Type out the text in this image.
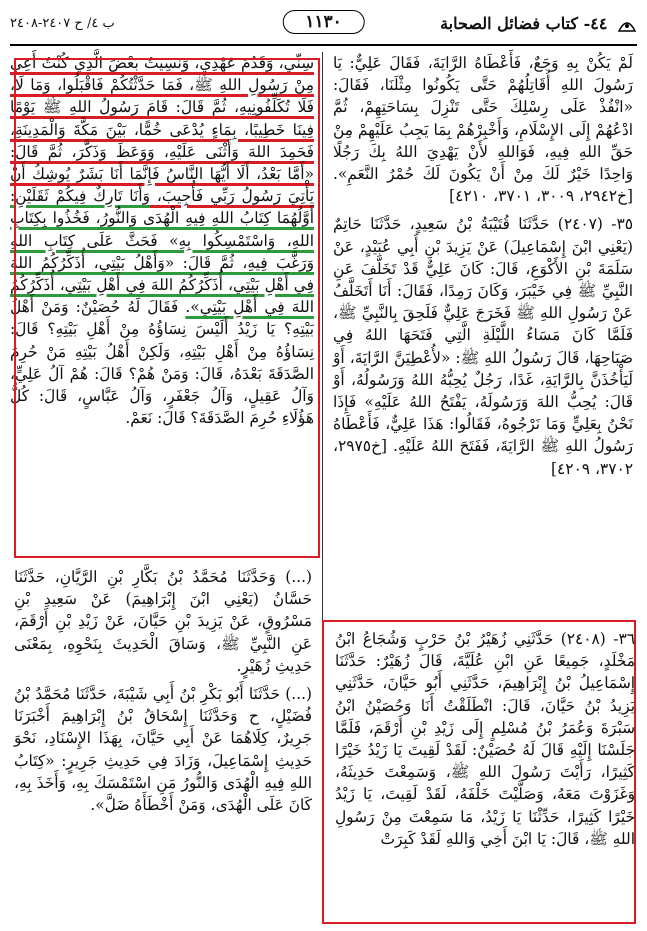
٤٤- كتاب فضائل الصحابة
١١٣٠
ب ٤/ ح ٢٤٠٧-٢٤٠٨

لَمْ يَكُنْ بِهِ وَجَعٌ، فَأَعْطَاهُ الرَّايَةَ، فَقَالَ عَلِيٌّ: يَا رَسُولَ اللهِ أُقَاتِلُهُمْ حَتَّى يَكُونُوا مِثْلَنَا، فَقَالَ: «انْفُذْ عَلَى رِسْلِكَ حَتَّى تَنْزِلَ بِسَاحَتِهِمْ، ثُمَّ ادْعُهُمْ إِلَى الإِسْلَامِ، وَأَخْبِرْهُمْ بِمَا يَجِبُ عَلَيْهِمْ مِنْ حَقِّ اللهِ فِيهِ، فَوَاللهِ لأَنْ يَهْدِيَ اللهُ بِكَ رَجُلًا وَاحِدًا خَيْرٌ لَكَ مِنْ أَنْ يَكُونَ لَكَ حُمْرُ النَّعَمِ». [خ٢٩٤٢، ٣٠٠٩، ٣٧٠١، ٤٢١٠]

٣٥- (٢٤٠٧) حَدَّثَنَا قُتَيْبَةُ بْنُ سَعِيدٍ، حَدَّثَنَا حَاتِمٌ (يَعْنِي ابْنَ إِسْمَاعِيلَ) عَنْ يَزِيدَ بْنِ أَبِي عُبَيْدٍ، عَنْ سَلَمَةَ بْنِ الأَكْوَعِ، قَالَ: كَانَ عَلِيٌّ قَدْ تَخَلَّفَ عَنِ النَّبِيِّ ﷺ فِي خَيْبَرَ، وَكَانَ رَمِدًا، فَقَالَ: أَنَا أَتَخَلَّفُ عَنْ رَسُولِ اللهِ ﷺ فَخَرَجَ عَلِيٌّ فَلَحِقَ بِالنَّبِيِّ ﷺ، فَلَمَّا كَانَ مَسَاءُ اللَّيْلَةِ الَّتِي فَتَحَهَا اللهُ فِي صَبَاحِهَا، قَالَ رَسُولُ اللهِ ﷺ: «لأُعْطِيَنَّ الرَّايَةَ، أَوْ لَيَأْخُذَنَّ بِالرَّايَةِ، غَدًا، رَجُلٌ يُحِبُّهُ اللهُ وَرَسُولُهُ، أَوْ قَالَ: يُحِبُّ اللهَ وَرَسُولَهُ، يَفْتَحُ اللهُ عَلَيْهِ» فَإِذَا نَحْنُ بِعَلِيٍّ وَمَا نَرْجُوهُ، فَقَالُوا: هَذَا عَلِيٌّ، فَأَعْطَاهُ رَسُولُ اللهِ ﷺ الرَّايَةَ، فَفَتَحَ اللهُ عَلَيْهِ. [خ٢٩٧٥، ٣٧٠٢، ٤٢٠٩]

٣٦- (٢٤٠٨) حَدَّثَنِي زُهَيْرُ بْنُ حَرْبٍ وَشُجَاعُ ابْنُ مَخْلَدٍ، جَمِيعًا عَنِ ابْنِ عُلَيَّةَ، قَالَ زُهَيْرٌ: حَدَّثَنَا إِسْمَاعِيلُ بْنُ إِبْرَاهِيمَ، حَدَّثَنِي أَبُو حَيَّانَ، حَدَّثَنِي يَزِيدُ بْنُ حَيَّانَ، قَالَ: انْطَلَقْتُ أَنَا وَحُصَيْنُ ابْنُ سَبْرَةَ وَعُمَرُ بْنُ مُسْلِمٍ إِلَى زَيْدِ بْنِ أَرْقَمَ، فَلَمَّا جَلَسْنَا إِلَيْهِ قَالَ لَهُ حُصَيْنٌ: لَقَدْ لَقِيتَ يَا زَيْدُ خَيْرًا كَثِيرًا، رَأَيْتَ رَسُولَ اللهِ ﷺ، وَسَمِعْتَ حَدِيثَهُ، وَغَزَوْتَ مَعَهُ، وَصَلَّيْتَ خَلْفَهُ، لَقَدْ لَقِيتَ، يَا زَيْدُ خَيْرًا كَثِيرًا، حَدِّثْنَا يَا زَيْدُ، مَا سَمِعْتَ مِنْ رَسُولِ اللهِ ﷺ، قَالَ: يَا ابْنَ أَخِي وَاللهِ لَقَدْ كَبِرَتْ

سِنِّي، وَقَدُمَ عَهْدِي، وَنَسِيتُ بَعْضَ الَّذِي كُنْتُ أَعِي مِنْ رَسُولِ اللهِ ﷺ، فَمَا حَدَّثْتُكُمْ فَاقْبَلُوا، وَمَا لَا، فَلَا تُكَلِّفُونِيهِ، ثُمَّ قَالَ: قَامَ رَسُولُ اللهِ ﷺ يَوْمًا فِينَا خَطِيبًا، بِمَاءٍ يُدْعَى خُمًّا، بَيْنَ مَكَّةَ وَالْمَدِينَةِ، فَحَمِدَ اللهَ وَأَثْنَى عَلَيْهِ، وَوَعَظَ وَذَكَّرَ، ثُمَّ قَالَ: «أَمَّا بَعْدُ، أَلَا أَيُّهَا النَّاسُ فَإِنَّمَا أَنَا بَشَرٌ يُوشِكُ أَنْ يَأْتِيَ رَسُولُ رَبِّي فَأُجِيبَ، وَأَنَا تَارِكٌ فِيكُمْ ثَقَلَيْنِ: أَوَّلُهُمَا كِتَابُ اللهِ فِيهِ الْهُدَى وَالنُّورُ، فَخُذُوا بِكِتَابِ اللهِ، وَاسْتَمْسِكُوا بِهِ» فَحَثَّ عَلَى كِتَابِ اللهِ وَرَغَّبَ فِيهِ، ثُمَّ قَالَ: «وَأَهْلُ بَيْتِي، أُذَكِّرُكُمُ اللهَ فِي أَهْلِ بَيْتِي، أُذَكِّرُكُمُ اللهَ فِي أَهْلِ بَيْتِي، أُذَكِّرُكُمُ اللهَ فِي أَهْلِ بَيْتِي». فَقَالَ لَهُ حُصَيْنٌ: وَمَنْ أَهْلُ بَيْتِهِ؟ يَا زَيْدُ أَلَيْسَ نِسَاؤُهُ مِنْ أَهْلِ بَيْتِهِ؟ قَالَ: نِسَاؤُهُ مِنْ أَهْلِ بَيْتِهِ، وَلَكِنْ أَهْلُ بَيْتِهِ مَنْ حُرِمَ الصَّدَقَةَ بَعْدَهُ، قَالَ: وَمَنْ هُمْ؟ قَالَ: هُمْ آلُ عَلِيٍّ، وَآلُ عَقِيلٍ، وَآلُ جَعْفَرٍ، وَآلُ عَبَّاسٍ، قَالَ: كُلُّ هَؤُلَاءِ حُرِمَ الصَّدَقَةَ؟ قَالَ: نَعَمْ.

(...) وَحَدَّثَنَا مُحَمَّدُ بْنُ بَكَّارِ بْنِ الرَّيَّانِ، حَدَّثَنَا حَسَّانُ (يَعْنِي ابْنَ إِبْرَاهِيمَ) عَنْ سَعِيدِ بْنِ مَسْرُوقٍ، عَنْ يَزِيدَ بْنِ حَيَّانَ، عَنْ زَيْدِ بْنِ أَرْقَمَ، عَنِ النَّبِيِّ ﷺ، وَسَاقَ الْحَدِيثَ بِنَحْوِهِ، بِمَعْنَى حَدِيثِ زُهَيْرٍ.

(...) حَدَّثَنَا أَبُو بَكْرِ بْنُ أَبِي شَيْبَةَ، حَدَّثَنَا مُحَمَّدُ بْنُ فُضَيْلٍ، ح وَحَدَّثَنَا إِسْحَاقُ بْنُ إِبْرَاهِيمَ أَخْبَرَنَا جَرِيرٌ، كِلَاهُمَا عَنْ أَبِي حَيَّانَ، بِهَذَا الإِسْنَادِ، نَحْوَ حَدِيثِ إِسْمَاعِيلَ، وَزَادَ فِي حَدِيثِ جَرِيرٍ: «كِتَابُ اللهِ فِيهِ الْهُدَى وَالنُّورُ مَنِ اسْتَمْسَكَ بِهِ، وَأَخَذَ بِهِ، كَانَ عَلَى الْهُدَى، وَمَنْ أَخْطَأَهُ ضَلَّ».
